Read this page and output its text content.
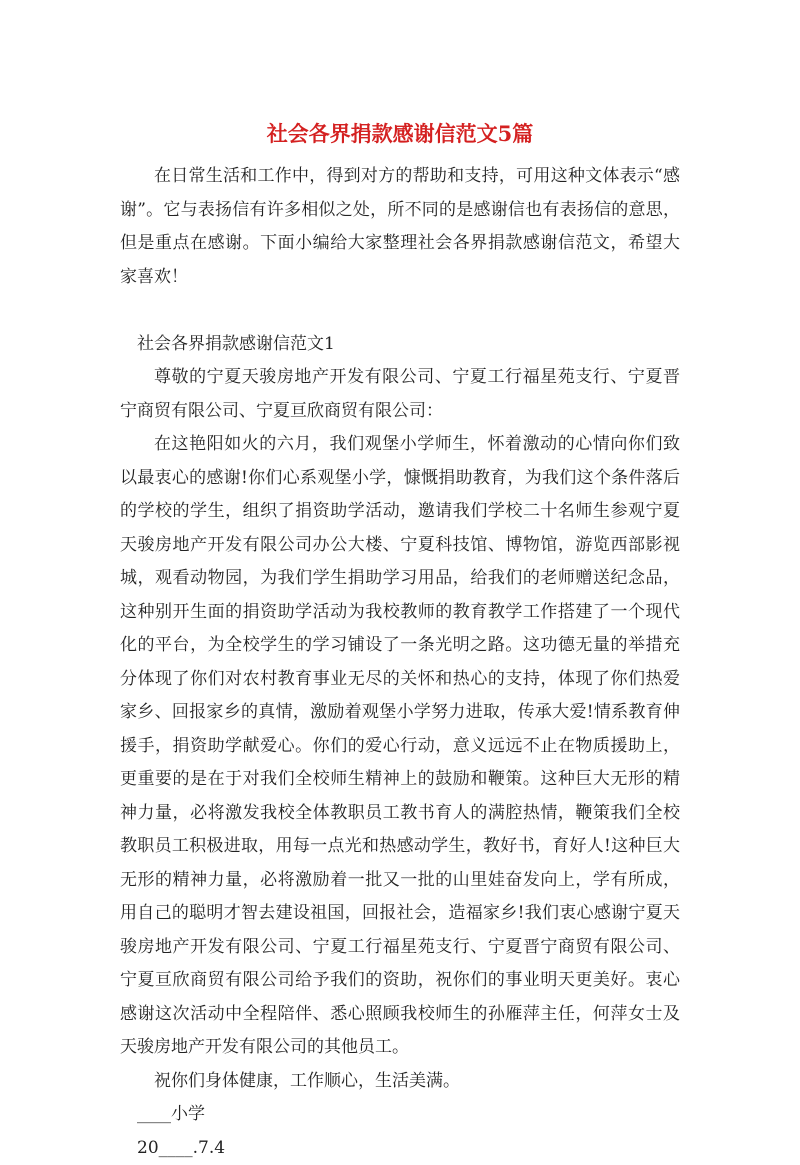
社会各界捐款感谢信范文5篇

在日常生活和工作中，得到对方的帮助和支持，可用这种文体表示“感谢”。它与表扬信有许多相似之处，所不同的是感谢信也有表扬信的意思，但是重点在感谢。下面小编给大家整理社会各界捐款感谢信范文，希望大家喜欢！

社会各界捐款感谢信范文1

尊敬的宁夏天骏房地产开发有限公司、宁夏工行福星苑支行、宁夏晋宁商贸有限公司、宁夏亘欣商贸有限公司：

在这艳阳如火的六月，我们观堡小学师生，怀着激动的心情向你们致以最衷心的感谢!你们心系观堡小学，慷慨捐助教育，为我们这个条件落后的学校的学生，组织了捐资助学活动，邀请我们学校二十名师生参观宁夏天骏房地产开发有限公司办公大楼、宁夏科技馆、博物馆，游览西部影视城，观看动物园，为我们学生捐助学习用品，给我们的老师赠送纪念品，这种别开生面的捐资助学活动为我校教师的教育教学工作搭建了一个现代化的平台，为全校学生的学习铺设了一条光明之路。这功德无量的举措充分体现了你们对农村教育事业无尽的关怀和热心的支持，体现了你们热爱家乡、回报家乡的真情，激励着观堡小学努力进取，传承大爱!情系教育伸援手，捐资助学献爱心。你们的爱心行动，意义远远不止在物质援助上，更重要的是在于对我们全校师生精神上的鼓励和鞭策。这种巨大无形的精神力量，必将激发我校全体教职员工教书育人的满腔热情，鞭策我们全校教职员工积极进取，用每一点光和热感动学生，教好书，育好人!这种巨大无形的精神力量，必将激励着一批又一批的山里娃奋发向上，学有所成，用自己的聪明才智去建设祖国，回报社会，造福家乡!我们衷心感谢宁夏天骏房地产开发有限公司、宁夏工行福星苑支行、宁夏晋宁商贸有限公司、宁夏亘欣商贸有限公司给予我们的资助，祝你们的事业明天更美好。衷心感谢这次活动中全程陪伴、悉心照顾我校师生的孙雁萍主任，何萍女士及天骏房地产开发有限公司的其他员工。

祝你们身体健康，工作顺心，生活美满。

____小学

20____.7.4
